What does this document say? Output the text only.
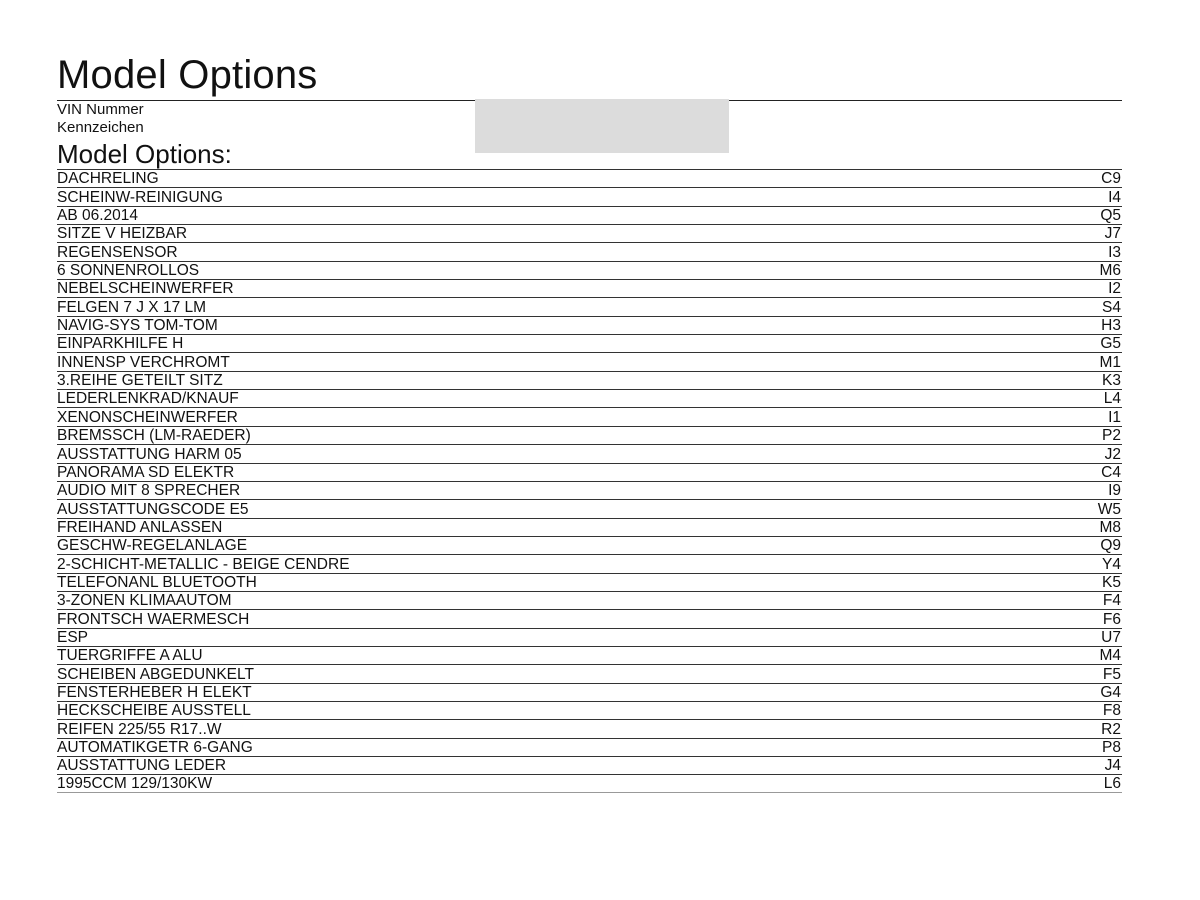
Model Options
VIN Nummer
Kennzeichen
Model Options:
DACHRELING	C9
SCHEINW-REINIGUNG	I4
AB 06.2014	Q5
SITZE V HEIZBAR	J7
REGENSENSOR	I3
6 SONNENROLLOS	M6
NEBELSCHEINWERFER	I2
FELGEN 7 J X 17 LM	S4
NAVIG-SYS TOM-TOM	H3
EINPARKHILFE H	G5
INNENSP VERCHROMT	M1
3.REIHE GETEILT SITZ	K3
LEDERLENKRAD/KNAUF	L4
XENONSCHEINWERFER	I1
BREMSSCH (LM-RAEDER)	P2
AUSSTATTUNG HARM 05	J2
PANORAMA SD ELEKTR	C4
AUDIO MIT 8 SPRECHER	I9
AUSSTATTUNGSCODE E5	W5
FREIHAND ANLASSEN	M8
GESCHW-REGELANLAGE	Q9
2-SCHICHT-METALLIC - BEIGE CENDRE	Y4
TELEFONANL BLUETOOTH	K5
3-ZONEN KLIMAAUTOM	F4
FRONTSCH WAERMESCH	F6
ESP	U7
TUERGRIFFE A ALU	M4
SCHEIBEN ABGEDUNKELT	F5
FENSTERHEBER H ELEKT	G4
HECKSCHEIBE AUSSTELL	F8
REIFEN 225/55 R17..W	R2
AUTOMATIKGETR 6-GANG	P8
AUSSTATTUNG LEDER	J4
1995CCM 129/130KW	L6
